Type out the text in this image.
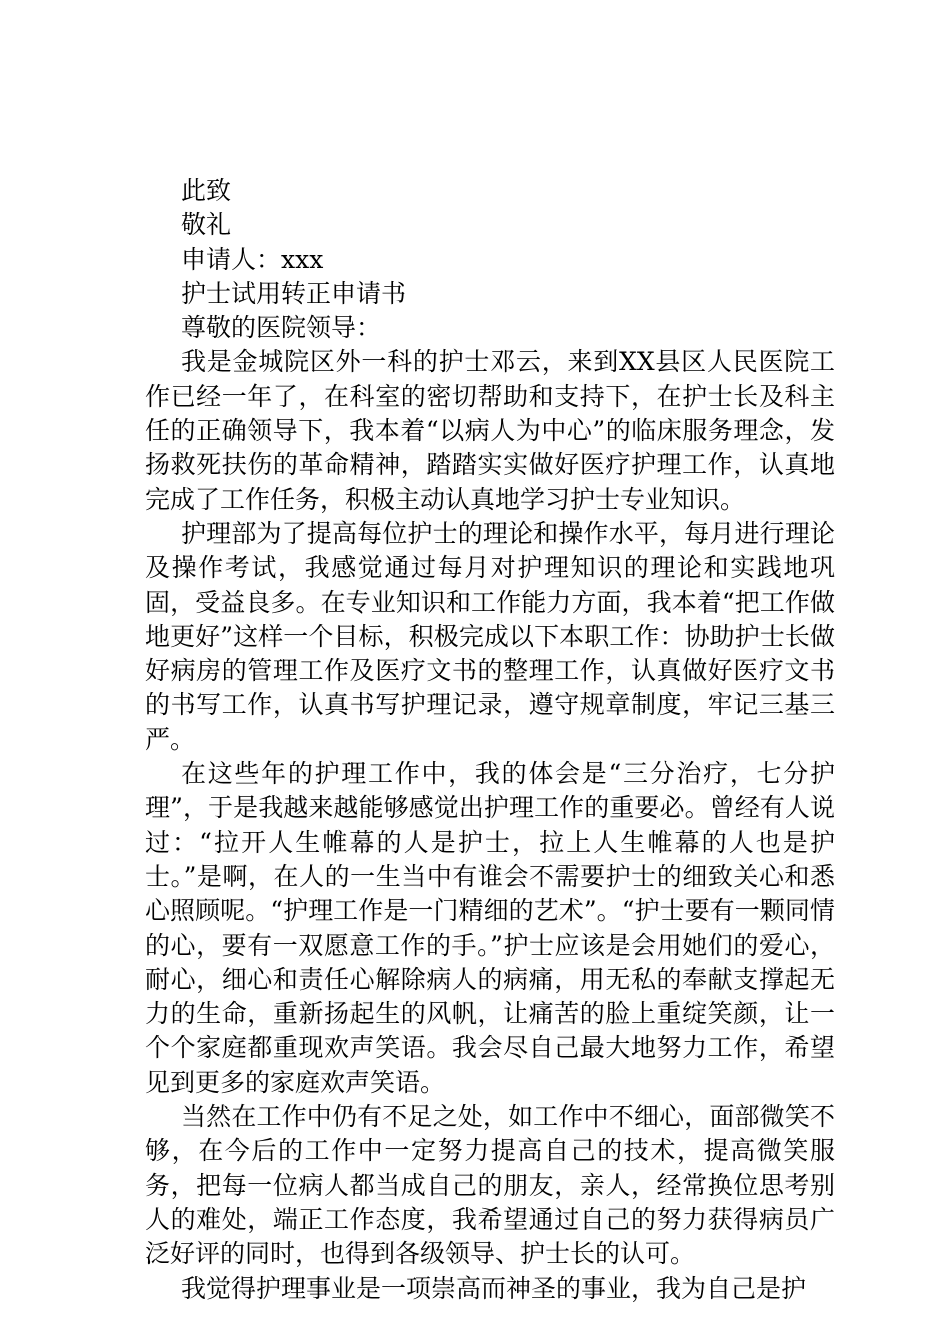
此致
敬礼
申请人：xxx
护士试用转正申请书
尊敬的医院领导：

我是金城院区外一科的护士邓云，来到XX县区人民医院工作已经一年了，在科室的密切帮助和支持下，在护士长及科主任的正确领导下，我本着“以病人为中心”的临床服务理念，发扬救死扶伤的革命精神，踏踏实实做好医疗护理工作，认真地完成了工作任务，积极主动认真地学习护士专业知识。

护理部为了提高每位护士的理论和操作水平，每月进行理论及操作考试，我感觉通过每月对护理知识的理论和实践地巩固，受益良多。在专业知识和工作能力方面，我本着“把工作做地更好”这样一个目标，积极完成以下本职工作：协助护士长做好病房的管理工作及医疗文书的整理工作，认真做好医疗文书的书写工作，认真书写护理记录，遵守规章制度，牢记三基三严。

在这些年的护理工作中，我的体会是“三分治疗，七分护理”，于是我越来越能够感觉出护理工作的重要必。曾经有人说过：“拉开人生帷幕的人是护士，拉上人生帷幕的人也是护士。”是啊，在人的一生当中有谁会不需要护士的细致关心和悉心照顾呢。“护理工作是一门精细的艺术”。“护士要有一颗同情的心，要有一双愿意工作的手。”护士应该是会用她们的爱心，耐心，细心和责任心解除病人的病痛，用无私的奉献支撑起无力的生命，重新扬起生的风帆，让痛苦的脸上重绽笑颜，让一个个家庭都重现欢声笑语。我会尽自己最大地努力工作，希望见到更多的家庭欢声笑语。

当然在工作中仍有不足之处，如工作中不细心，面部微笑不够，在今后的工作中一定努力提高自己的技术，提高微笑服务，把每一位病人都当成自己的朋友，亲人，经常换位思考别人的难处，端正工作态度，我希望通过自己的努力获得病员广泛好评的同时，也得到各级领导、护士长的认可。

我觉得护理事业是一项崇高而神圣的事业，我为自己是护
